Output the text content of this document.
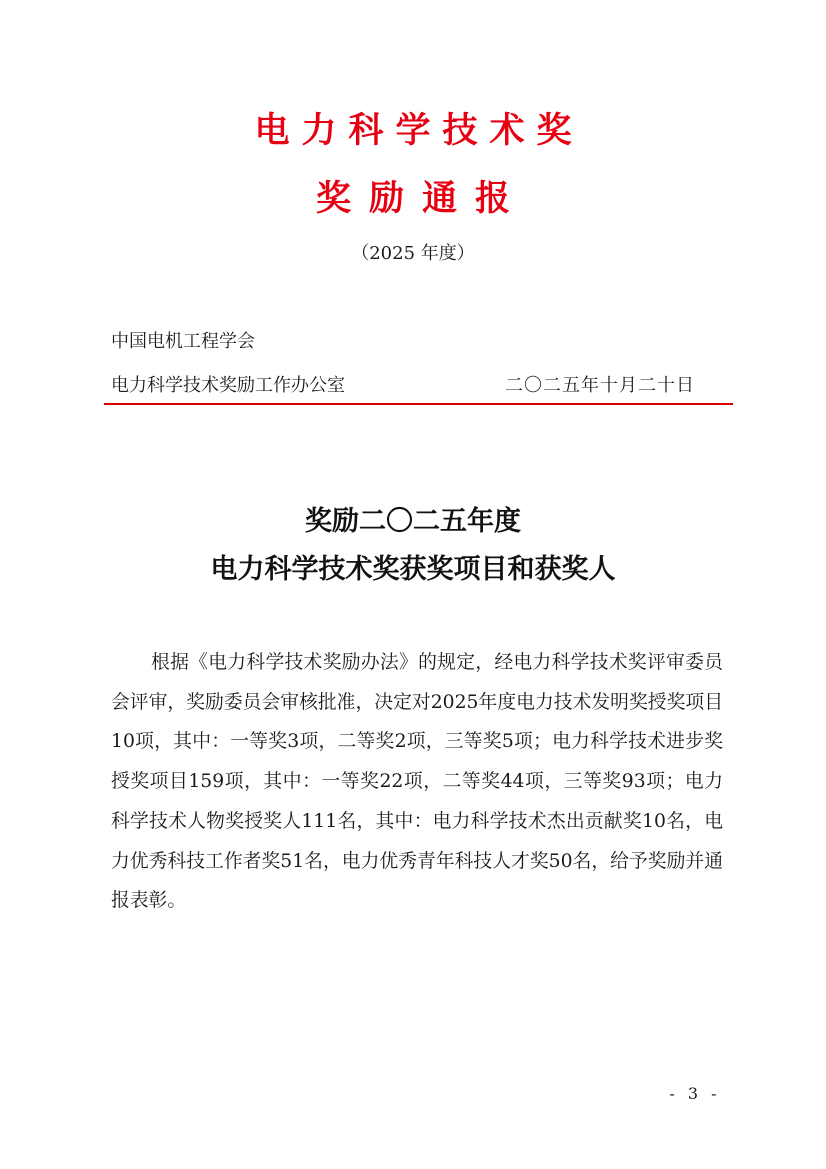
电力科学技术奖
奖励通报
（2025 年度）
中国电机工程学会
电力科学技术奖励工作办公室	二〇二五年十月二十日
奖励二〇二五年度
电力科学技术奖获奖项目和获奖人

根据《电力科学技术奖励办法》的规定，经电力科学技术奖评审委员会评审，奖励委员会审核批准，决定对2025年度电力技术发明奖授奖项目10项，其中：一等奖3项，二等奖2项，三等奖5项；电力科学技术进步奖授奖项目159项，其中：一等奖22项，二等奖44项，三等奖93项；电力科学技术人物奖授奖人111名，其中：电力科学技术杰出贡献奖10名，电力优秀科技工作者奖51名，电力优秀青年科技人才奖50名，给予奖励并通报表彰。

- 3 -
